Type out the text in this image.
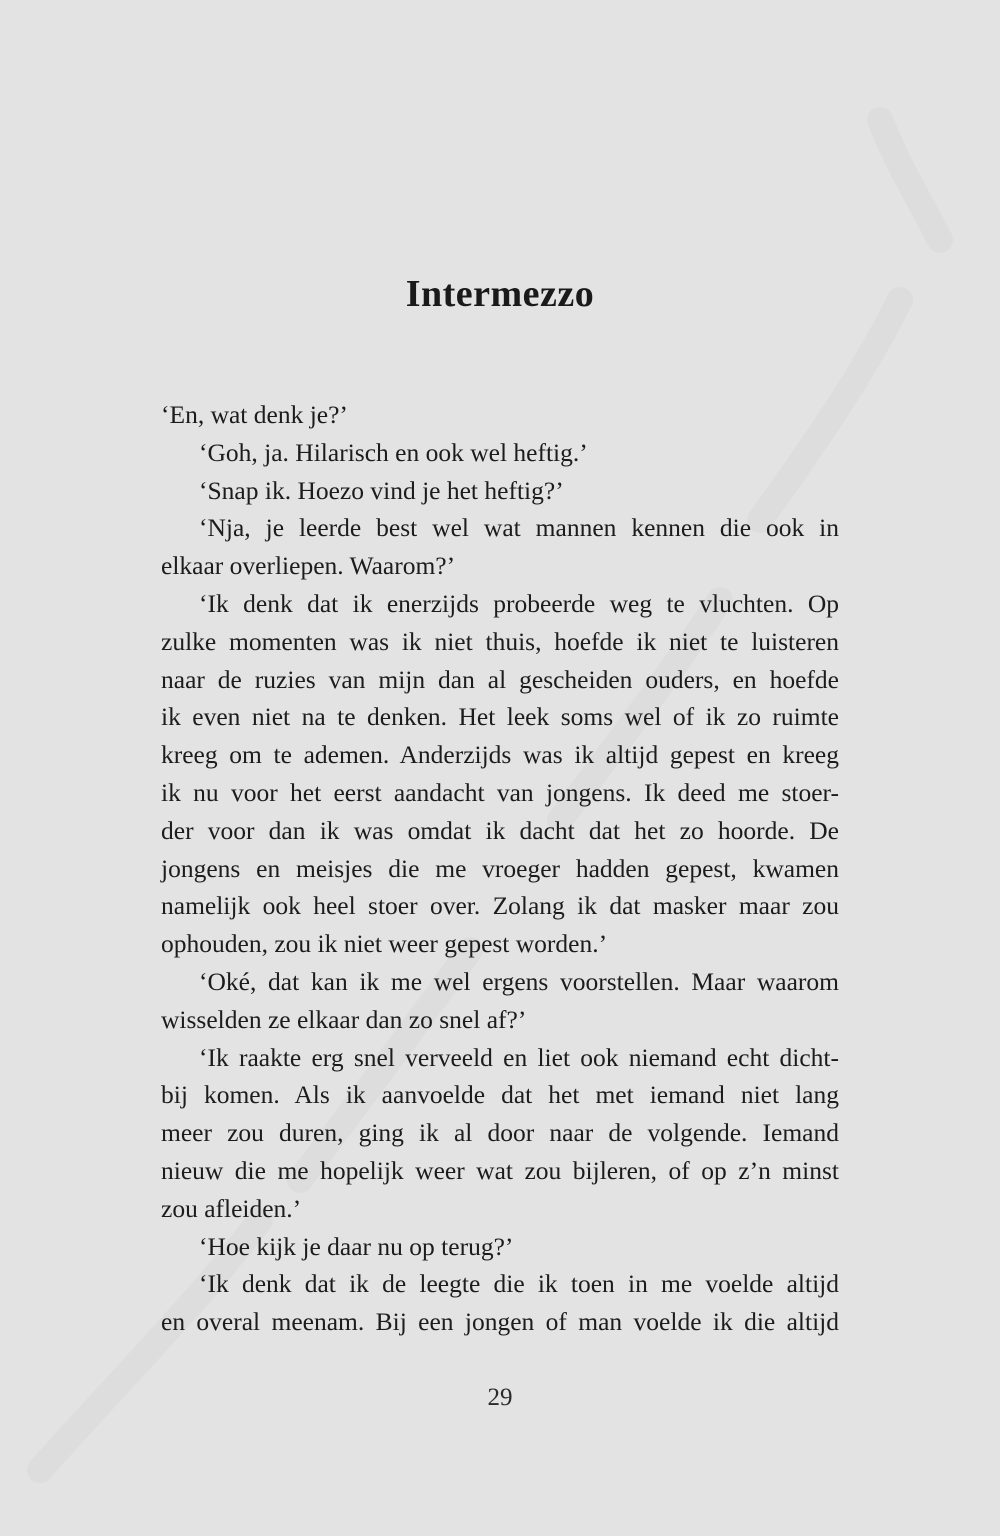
Intermezzo
‘En, wat denk je?’
‘Goh, ja. Hilarisch en ook wel heftig.’
‘Snap ik. Hoezo vind je het heftig?’
‘Nja, je leerde best wel wat mannen kennen die ook in
elkaar overliepen. Waarom?’
‘Ik denk dat ik enerzijds probeerde weg te vluchten. Op
zulke momenten was ik niet thuis, hoefde ik niet te luisteren
naar de ruzies van mijn dan al gescheiden ouders, en hoefde
ik even niet na te denken. Het leek soms wel of ik zo ruimte
kreeg om te ademen. Anderzijds was ik altijd gepest en kreeg
ik nu voor het eerst aandacht van jongens. Ik deed me stoer-
der voor dan ik was omdat ik dacht dat het zo hoorde. De
jongens en meisjes die me vroeger hadden gepest, kwamen
namelijk ook heel stoer over. Zolang ik dat masker maar zou
ophouden, zou ik niet weer gepest worden.’
‘Oké, dat kan ik me wel ergens voorstellen. Maar waarom
wisselden ze elkaar dan zo snel af?’
‘Ik raakte erg snel verveeld en liet ook niemand echt dicht-
bij komen. Als ik aanvoelde dat het met iemand niet lang
meer zou duren, ging ik al door naar de volgende. Iemand
nieuw die me hopelijk weer wat zou bijleren, of op z’n minst
zou afleiden.’
‘Hoe kijk je daar nu op terug?’
‘Ik denk dat ik de leegte die ik toen in me voelde altijd
en overal meenam. Bij een jongen of man voelde ik die altijd
29
